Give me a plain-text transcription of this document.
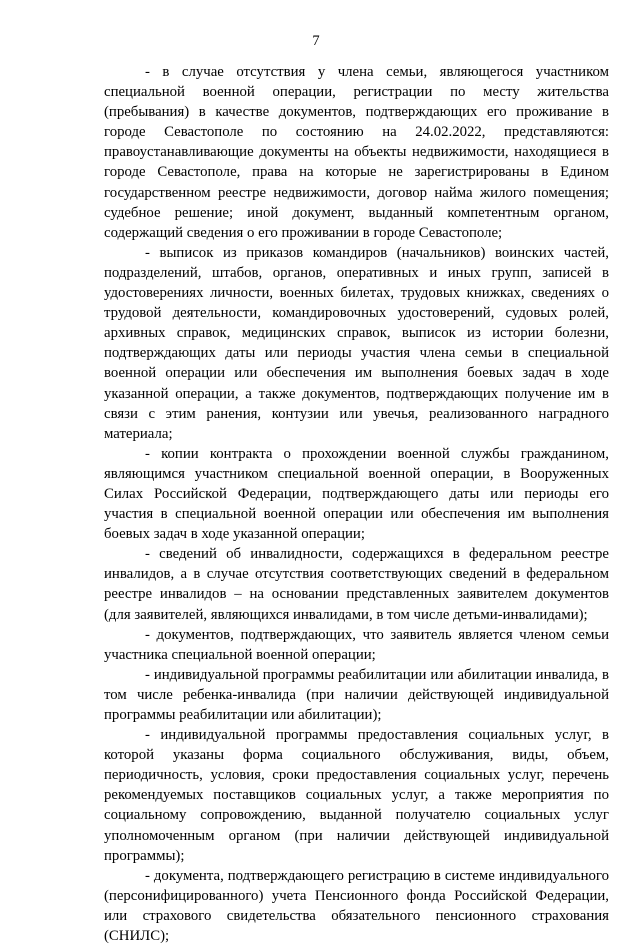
7

- в случае отсутствия у члена семьи, являющегося участником специальной военной операции, регистрации по месту жительства (пребывания) в качестве документов, подтверждающих его проживание в городе Севастополе по состоянию на 24.02.2022, представляются: правоустанавливающие документы на объекты недвижимости, находящиеся в городе Севастополе, права на которые не зарегистрированы в Едином государственном реестре недвижимости, договор найма жилого помещения; судебное решение; иной документ, выданный компетентным органом, содержащий сведения о его проживании в городе Севастополе;

- выписок из приказов командиров (начальников) воинских частей, подразделений, штабов, органов, оперативных и иных групп, записей в удостоверениях личности, военных билетах, трудовых книжках, сведениях о трудовой деятельности, командировочных удостоверений, судовых ролей, архивных справок, медицинских справок, выписок из истории болезни, подтверждающих даты или периоды участия члена семьи в специальной военной операции или обеспечения им выполнения боевых задач в ходе указанной операции, а также документов, подтверждающих получение им в связи с этим ранения, контузии или увечья, реализованного наградного материала;

- копии контракта о прохождении военной службы гражданином, являющимся участником специальной военной операции, в Вооруженных Силах Российской Федерации, подтверждающего даты или периоды его участия в специальной военной операции или обеспечения им выполнения боевых задач в ходе указанной операции;

- сведений об инвалидности, содержащихся в федеральном реестре инвалидов, а в случае отсутствия соответствующих сведений в федеральном реестре инвалидов – на основании представленных заявителем документов (для заявителей, являющихся инвалидами, в том числе детьми-инвалидами);

- документов, подтверждающих, что заявитель является членом семьи участника специальной военной операции;

- индивидуальной программы реабилитации или абилитации инвалида, в том числе ребенка-инвалида (при наличии действующей индивидуальной программы реабилитации или абилитации);

- индивидуальной программы предоставления социальных услуг, в которой указаны форма социального обслуживания, виды, объем, периодичность, условия, сроки предоставления социальных услуг, перечень рекомендуемых поставщиков социальных услуг, а также мероприятия по социальному сопровождению, выданной получателю социальных услуг уполномоченным органом (при наличии действующей индивидуальной программы);

- документа, подтверждающего регистрацию в системе индивидуального (персонифицированного) учета Пенсионного фонда Российской Федерации, или страхового свидетельства обязательного пенсионного страхования (СНИЛС);
